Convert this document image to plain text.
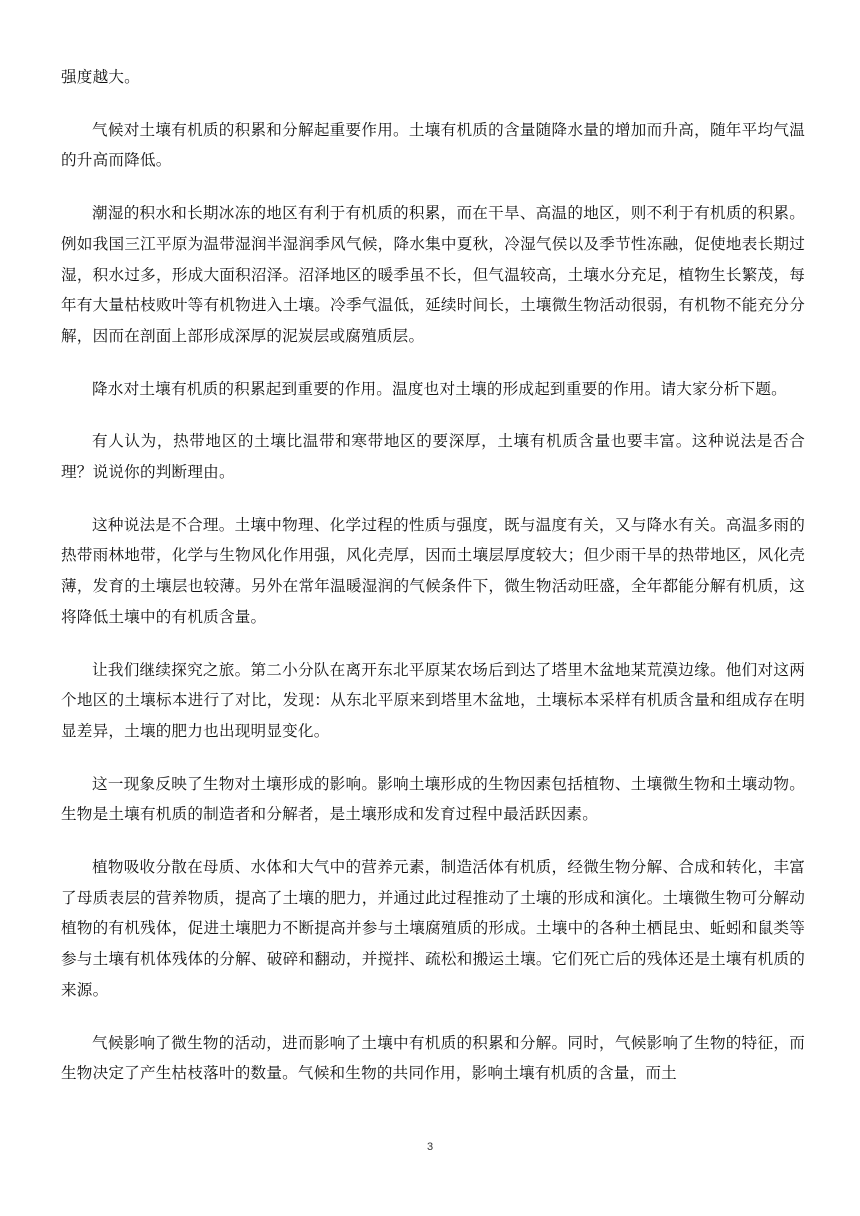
强度越大。

气候对土壤有机质的积累和分解起重要作用。土壤有机质的含量随降水量的增加而升高，随年平均气温的升高而降低。

潮湿的积水和长期冰冻的地区有利于有机质的积累，而在干旱、高温的地区，则不利于有机质的积累。例如我国三江平原为温带湿润半湿润季风气候，降水集中夏秋，冷湿气侯以及季节性冻融，促使地表长期过湿，积水过多，形成大面积沼泽。沼泽地区的暖季虽不长，但气温较高，土壤水分充足，植物生长繁茂，每年有大量枯枝败叶等有机物进入土壤。冷季气温低，延续时间长，土壤微生物活动很弱，有机物不能充分分解，因而在剖面上部形成深厚的泥炭层或腐殖质层。

降水对土壤有机质的积累起到重要的作用。温度也对土壤的形成起到重要的作用。请大家分析下题。

有人认为，热带地区的土壤比温带和寒带地区的要深厚，土壤有机质含量也要丰富。这种说法是否合理？说说你的判断理由。

这种说法是不合理。土壤中物理、化学过程的性质与强度，既与温度有关，又与降水有关。高温多雨的热带雨林地带，化学与生物风化作用强，风化壳厚，因而土壤层厚度较大；但少雨干旱的热带地区，风化壳薄，发育的土壤层也较薄。另外在常年温暖湿润的气候条件下，微生物活动旺盛，全年都能分解有机质，这将降低土壤中的有机质含量。

让我们继续探究之旅。第二小分队在离开东北平原某农场后到达了塔里木盆地某荒漠边缘。他们对这两个地区的土壤标本进行了对比，发现：从东北平原来到塔里木盆地，土壤标本采样有机质含量和组成存在明显差异，土壤的肥力也出现明显变化。

这一现象反映了生物对土壤形成的影响。影响土壤形成的生物因素包括植物、土壤微生物和土壤动物。生物是土壤有机质的制造者和分解者，是土壤形成和发育过程中最活跃因素。

植物吸收分散在母质、水体和大气中的营养元素，制造活体有机质，经微生物分解、合成和转化，丰富了母质表层的营养物质，提高了土壤的肥力，并通过此过程推动了土壤的形成和演化。土壤微生物可分解动植物的有机残体，促进土壤肥力不断提高并参与土壤腐殖质的形成。土壤中的各种土栖昆虫、蚯蚓和鼠类等参与土壤有机体残体的分解、破碎和翻动，并搅拌、疏松和搬运土壤。它们死亡后的残体还是土壤有机质的来源。

气候影响了微生物的活动，进而影响了土壤中有机质的积累和分解。同时，气候影响了生物的特征，而生物决定了产生枯枝落叶的数量。气候和生物的共同作用，影响土壤有机质的含量，而土

3
